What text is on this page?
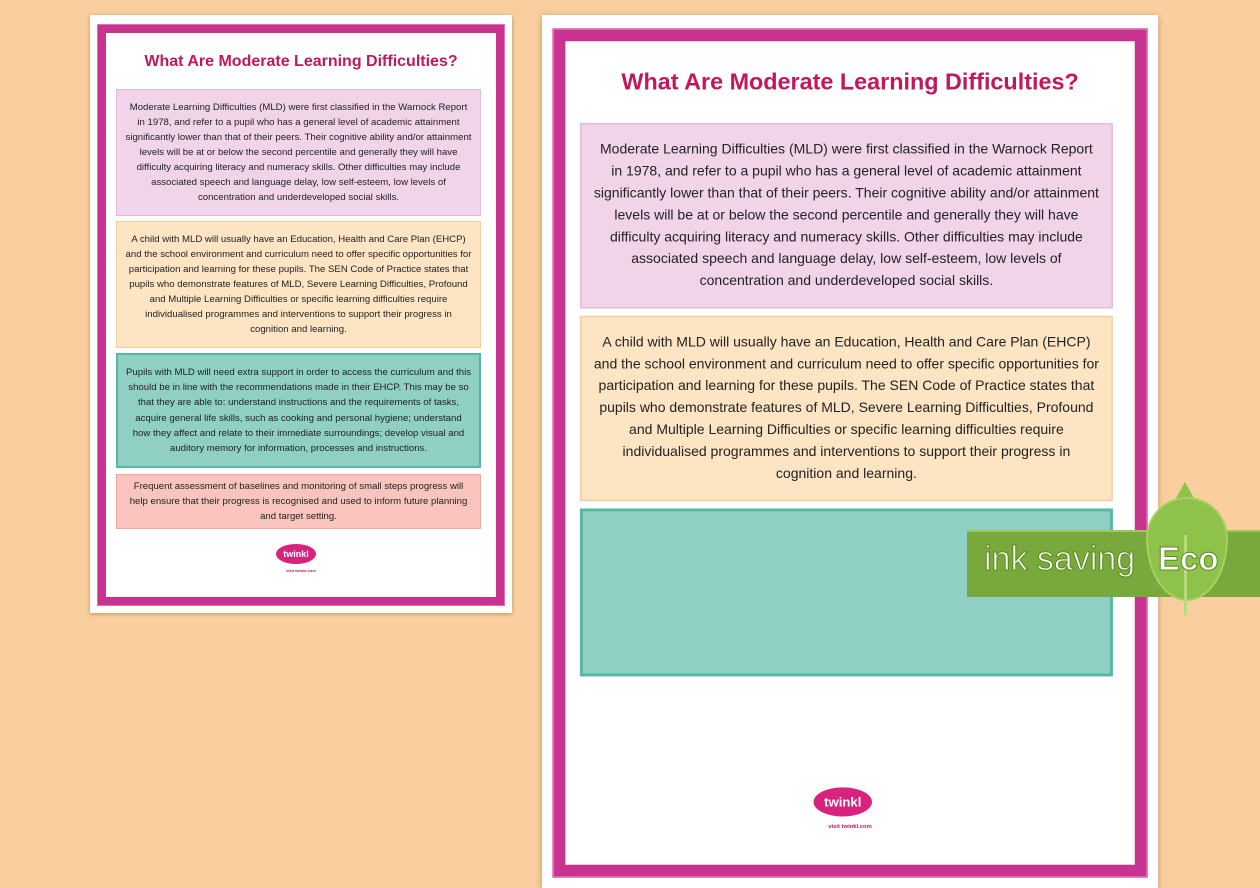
What Are Moderate Learning Difficulties?
Moderate Learning Difficulties (MLD) were first classified in the Warnock Report in 1978, and refer to a pupil who has a general level of academic attainment significantly lower than that of their peers. Their cognitive ability and/or attainment levels will be at or below the second percentile and generally they will have difficulty acquiring literacy and numeracy skills. Other difficulties may include associated speech and language delay, low self-esteem, low levels of concentration and underdeveloped social skills.
A child with MLD will usually have an Education, Health and Care Plan (EHCP) and the school environment and curriculum need to offer specific opportunities for participation and learning for these pupils. The SEN Code of Practice states that pupils who demonstrate features of MLD, Severe Learning Difficulties, Profound and Multiple Learning Difficulties or specific learning difficulties require individualised programmes and interventions to support their progress in cognition and learning.
Pupils with MLD will need extra support in order to access the curriculum and this should be in line with the recommendations made in their EHCP. This may be so that they are able to: understand instructions and the requirements of tasks, acquire general life skills, such as cooking and personal hygiene; understand how they affect and relate to their immediate surroundings; develop visual and auditory memory for information, processes and instructions.
Frequent assessment of baselines and monitoring of small steps progress will help ensure that their progress is recognised and used to inform future planning and target setting.
twinkl
visit twinkl.com
What Are Moderate Learning Difficulties?
Moderate Learning Difficulties (MLD) were first classified in the Warnock Report in 1978, and refer to a pupil who has a general level of academic attainment significantly lower than that of their peers. Their cognitive ability and/or attainment levels will be at or below the second percentile and generally they will have difficulty acquiring literacy and numeracy skills. Other difficulties may include associated speech and language delay, low self-esteem, low levels of concentration and underdeveloped social skills.
A child with MLD will usually have an Education, Health and Care Plan (EHCP) and the school environment and curriculum need to offer specific opportunities for participation and learning for these pupils. The SEN Code of Practice states that pupils who demonstrate features of MLD, Severe Learning Difficulties, Profound and Multiple Learning Difficulties or specific learning difficulties require individualised programmes and interventions to support their progress in cognition and learning.
twinkl
visit twinkl.com
ink saving Eco
